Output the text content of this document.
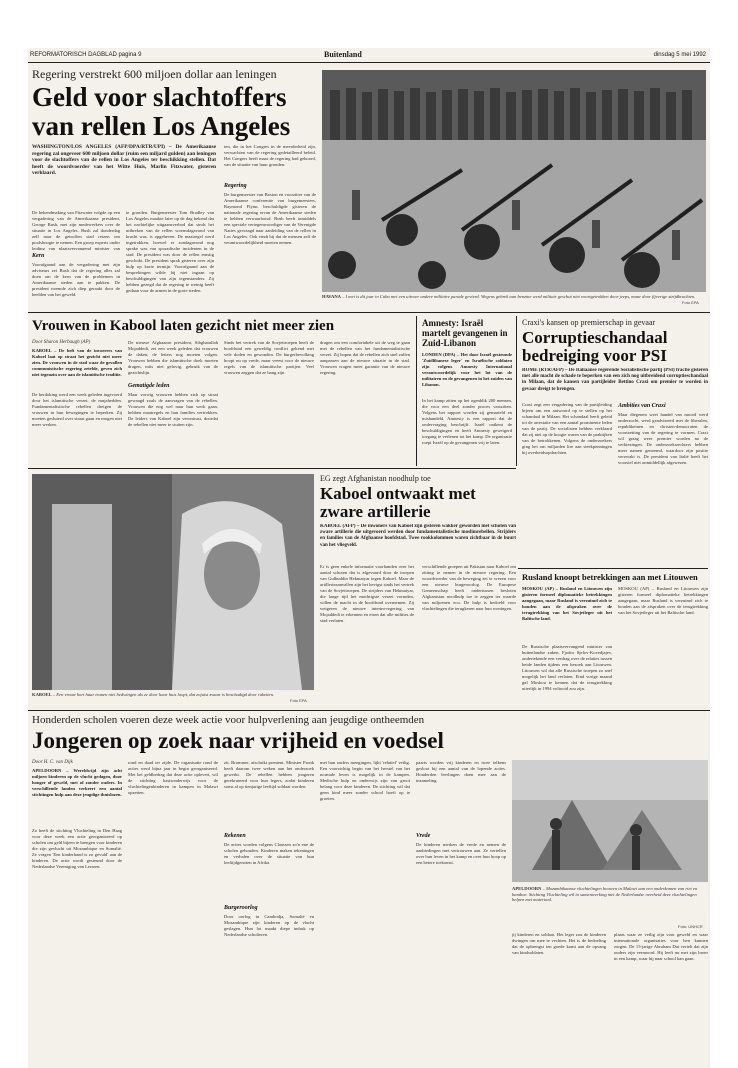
REFORMATORISCH DAGBLAD pagina 9	Buitenland	dinsdag 5 mei 1992
Regering verstrekt 600 miljoen dollar aan leningen
Geld voor slachtoffers van rellen Los Angeles
WASHINGTON/LOS ANGELES (AFP/DPA/RTR/UPI) – De Amerikaanse regering zal ongeveer 600 miljoen dollar (ruim een miljard gulden) aan leningen voor de slachtoffers van de rellen in Los Angeles ter beschikking stellen. Dat heeft de woordvoerder van het Witte Huis, Marlin Fitzwater, gisteren verklaard.
De bekendmaking van Fitzwater volgde op een vergadering van de Amerikaanse president, George Bush, met zijn medewerkers over de situatie in Los Angeles. Bush zal donderdag zelf naar de getroffen stad reizen om poolshoogte te nemen. Een groep experts onder leiding van plaatsvervangend minister van
Kern
Voorafgaand aan de vergadering met zijn adviseurs zei Bush dat de regering alles zal doen om de kern van de problemen in Amerikaanse steden aan te pakken. De president noemde zich diep geraakt door de beelden van het geweld.
te gronden. Burgemeester Tom Bradley van Los Angeles maakte later op de dag bekend dat het nachtelijke uitgaansverbod dat sinds het uitbreken van de rellen woensdagavond van kracht was, is opgeheven. De maatregel werd ingetrokken, hoewel er zondagavond nog sprake was van sporadische incidenten in de stad. De president was door de rellen ernstig geschokt. De president sprak gisteren over zijn hulp op korte termijn. Voorafgaand aan de besprekingen wilde hij niet ingaan op beschuldigingen van zijn tegenstanders. Zij hebben gezegd dat de regering te weinig heeft gedaan voor de armen in de grote steden.
ten, die in het Congres in de meerderheid zijn, verwachten van de regering gedetailleerd beleid. Het Congres heeft maar de regering bad gehoord, van de situatie van huur gronden.
Regering
De burgemeester van Boston en voorzitter van de Amerikaanse conferentie van burgemeesters, Raymond Flynn, beschuldigde gisteren de nationale regering ervan de Amerikaanse steden te hebben verwaarloosd. Bush heeft inmiddels een speciale vertegenwoordiger van de Verenigde Naties gevraagd naar aanleiding van de rellen in Los Angeles. Ook vindt hij dat de mensen zelf de verantwoordelijkheid moeten nemen.
HAVANA – I mei is dit jaar in Cuba met een uitvoer andere militaire parade gevierd. Wegens gebrek aan benzine werd militair geschut niet voortgetrokken door jeeps, maar door fijverige strijdkrachten.
Foto EPA
Vrouwen in Kabool laten gezicht niet meer zien
Door Sharon Herbaugh (AP)
KABOEL – De heft van de invoerers van Kaboel laat op straat het gezicht niet meer zien. De vrouwen in de stad waar de gevallen communistische regering zetelde, geven zich niet tegenzin over aan de islamitische traditie.
De herdoking werd een week geleden ingevoerd door het islamitische verzet, de mujahedden. Fundamentalistische rebellen dreigen de vrouwen in hun bewegingen te beperken. Zij moeten gesluierd over straat gaan en mogen niet meer werken.
De nieuwe Afghaanse president, Sibghatullah Mojaddedi, zei een week geleden dat vrouwen de daken, de letters nog moeten volgen. Vrouwen hebben die islamitische doek moeten dragen, mits niet gelovig, gebruik van de gezichtslijn.
Gematigde leden
Maar vorwig vrouwen hebben zich op straat gewaagd zoals de aanvragen van de rebellen. Vrouwen die nog wel naar hun werk gaan, hebben maatregels en hun families vertrokken. De leiders van Kaboel zijn verontrust, doordat de rebellen niet meer te stuiten zijn.
Sinds het vertrek van de Sovjettroepen heeft de hoofdstad een geweldig conflict gekend met vele doden en gewonden. De burgerbevolking hoopt nu op vrede, maar vreest voor de nieuwe regels van de islamitische partijen. Veel vrouwen zeggen dat ze bang zijn.
dragen om een comfortabele uit de weg te gaan met de rebellen van het fundamentalistische verzet. Zij hopen dat de rebellen zich snel zullen aanpassen aan de nieuwe situatie in de stad. Vrouwen vragen meer garantie van de nieuwe regering.
Amnesty: Israël martelt gevangenen in Zuid-Libanon
LONDEN (DPA) – Het door Israël gesteunde 'Zuidlibanese leger' en Israëlische soldaten zijn volgens Amnesty International verantwoordelijk voor het lot van de militairen en de gevangenen in het zuiden van Libanon.
In het kamp zitten op het ogenblik 200 mensen, die voor een deel zonder proces vastzitten. Volgens het rapport worden zij gemarteld en mishandeld. Amnesty is een rapport dat de ondervraging beschrijft. Israël ontkent de beschuldigingen en heeft Amnesty geweigerd toegang te verlenen tot het kamp. De organisatie roept Israël op de gevangenen vrij te laten.
Craxi's kansen op premierschap in gevaar
Corruptieschandaal bedreiging voor PSI
ROME (RTR/AFP) – De Italiaanse regerende Socialistische partij (PSI) fractie gisteren met alle macht de schade te beperken van een zich nog uitbreidend corruptieschandaal in Milaan, dat de kansen van partijleider Bettino Craxi om premier te worden in gevaar dreigt te brengen.
Craxi zegt een vergadering van de partijleiding bijeen om een antwoord op te stellen op het schandaal in Milaan. Het schandaal heeft geleid tot de arrestatie van een aantal prominente leden van de partij. De socialisten hebben verklaard dat zij niet op de hoogte waren van de praktijken van de betrokkenen. Volgens de onderzoekers ging het om miljarden lire aan steekpenningen bij overheidsopdrachten.
Ambities van Craxi
Maar diegenen weet handel van moord werd onderzocht, werd geadviseerd met de liberalen, republikeinen en christen-democraten de voortzetting van de regering te vormen. Craxi wil graag weer premier worden na de verkiezingen. De onderzoeksrechters hebben meer namen genoemd, waardoor zijn positie verzwakt is. De president van Italië heeft het voorstel niet onmiddellijk afgewezen.
KABOEL – Een vrouw kort haar tranen niet bedwingen als ze door haar huis loopt, dat zojuist zwaar is beschadigd door raketten.
Foto EPA
EG zegt Afghanistan noodhulp toe
Kaboel ontwaakt met zware artillerie
KABOEL (AFP) – De inwoners van Kaboel zijn gisteren wakker geworden met schoten van zware artillerie die uitgevoerd werden door fundamentalistische moslimrebellen. Strijders en families van de Afghaanse hoofdstad. Twee rookkolommen waren zichtbaar in de buurt van het vliegveld.
Er is geen enkele informatie voorhanden over het aantal schoten dat is afgevuurd door de troepen van Gulbuddin Hekmatyar tegen Kaboel. Maar de artillerieaanvallen zijn het hevigst sinds het vertrek van de Sovjettroepen. De strijders van Hekmatyar, die lange tijd het machtigste verzet vormden, willen de macht in de hoofdstad overnemen. Zij weigeren de nieuwe interim-regering van Mojaddedi te erkennen en eisen dat alle milities de stad verlaten.
verschillende groepen uit Pakistan naar Kaboel om zitting te nemen in de nieuwe regering. Een woordvoerder van de beweging zei te vrezen voor een nieuwe burgeroorlog. De Europese Gemeenschap heeft ondertussen besloten Afghanistan noodhulp toe te zeggen ter waarde van miljoenen ecu. De hulp is bedoeld voor vluchtelingen die terugkeren naar hun woningen.
Rusland knoopt betrekkingen aan met Litouwen
MOSKOU (AP) – Rusland en Litouwen zijn gisteren formeel diplomatieke betrekkingen aangegaan, maar Rusland is verzuimd zich te houden aan de afspraken over de terugtrekking van het Sovjetleger uit het Baltische land.
De Russische plaatsvervangend minister van buitenlandse zaken, Fjodor Sjelov-Kovedjajev, ondertekende een verdrag over de relaties tussen beide landen tijdens een bezoek aan Litouwen. Litouwen wil dat alle Russische troepen zo snel mogelijk het land verlaten. Eind vorige maand gaf Moskou te kennen dat de terugtrekking uiterlijk in 1994 voltooid zou zijn.
MOSKOU (AP) – Rusland en Litouwen zijn gisteren formeel diplomatieke betrekkingen aangegaan, maar Rusland is verzuimd zich te houden aan de afspraken over de terugtrekking van het Sovjetleger uit het Baltische land.
Honderden scholen voeren deze week actie voor hulpverlening aan jeugdige ontheemden
Jongeren op zoek naar vrijheid en voedsel
Door H. C. van Dijk
APELDOORN – Wereldwijd zijn acht miljoen kinderen op de vlucht gedagen, door honger of geweld, met of zonder ouders. In verschillende landen verkeert een aantal stichtingen hulp aan deze jeugdige thuislozen.
Zo heeft de stichting Vluchteling in Den Haag voor deze week een actie georganiseerd op scholen om geld bijeen te brengen voor kinderen die zijn gevlucht uit Mozambique en Somalië. Ze vragen 'Een kinderhand is zo gevuld' aan de kinderen. De actie wordt gesteund door de Nederlandse Vereniging van Leraren.
rond en daad ter zijde. De organisatie rond de acties werd bijna jaar in begin georganiseerd. Met het geldbedrag dat deze actie oplevert, wil de stichting basisonderwijs voor de vluchtelingenkinderen in kampen in Malawi opzetten.
zit. Brommer, afschrikt prentent. Minister Pronk heeft daarom twee weken aan het onderzoek gewerkt. De rebellen hebben jongeren gerekruteerd voor hun legers, zodat kinderen soms al op tienjarige leeftijd soldaat worden.
Rekenen
De acties worden volgens Claassen zo'n ene de scholen gehouden. Kinderen maken tekeningen en verhalen over de situatie van hun leeftijdgenoten in Afrika.
Burgeroorlog
Door oorlog in Cambodja, Somalië en Mozambique zijn kinderen op de vlucht geslagen. Hun lot maakt diepe indruk op Nederlandse scholieren.
met hun ouders meegingen, lijkt 'relatief' veilig. Een voorzichtig begin van het herstel van het normale leven is mogelijk in de kampen. Medische hulp en onderwijs zijn van groot belang voor deze kinderen. De stichting wil dat geen kind meer zonder school hoeft op te groeien.
paarts worden vrij kinderen en twee telkens gesloot bij een aantal van de lopende acties. Honderden leerlingen doen mee aan de inzameling.
Vrede
De kinderen merken de vrede en nemen de aanbiedingen met vertrouwen aan. Ze vertellen over hun leven in het kamp en over hun hoop op een betere toekomst.
APELDOORN – Mozambikaanse vluchtelingen bouwen in Malawi aan een onderkomen van riet en bamboe. Stichting Vluchteling wil in samenwerking met de Nederlandse overheid deze vluchtelingen helpen met materiaal.
Foto: UNHCR
jij kinderen en soldaat. Het leger zou de kinderen dwingen om mee te vechten. Het is de bedoeling dat de opbrengst ten goede komt aan de opvang van kindsoldaten.
plaats waar ze veilig zijn voor geweld en waar internationale organisaties voor hen kunnen zorgen. De 15-jarige Abraham Dut vertelt dat zijn ouders zijn vermoord. Hij leeft nu met zijn broer in een kamp, waar hij naar school kan gaan.
